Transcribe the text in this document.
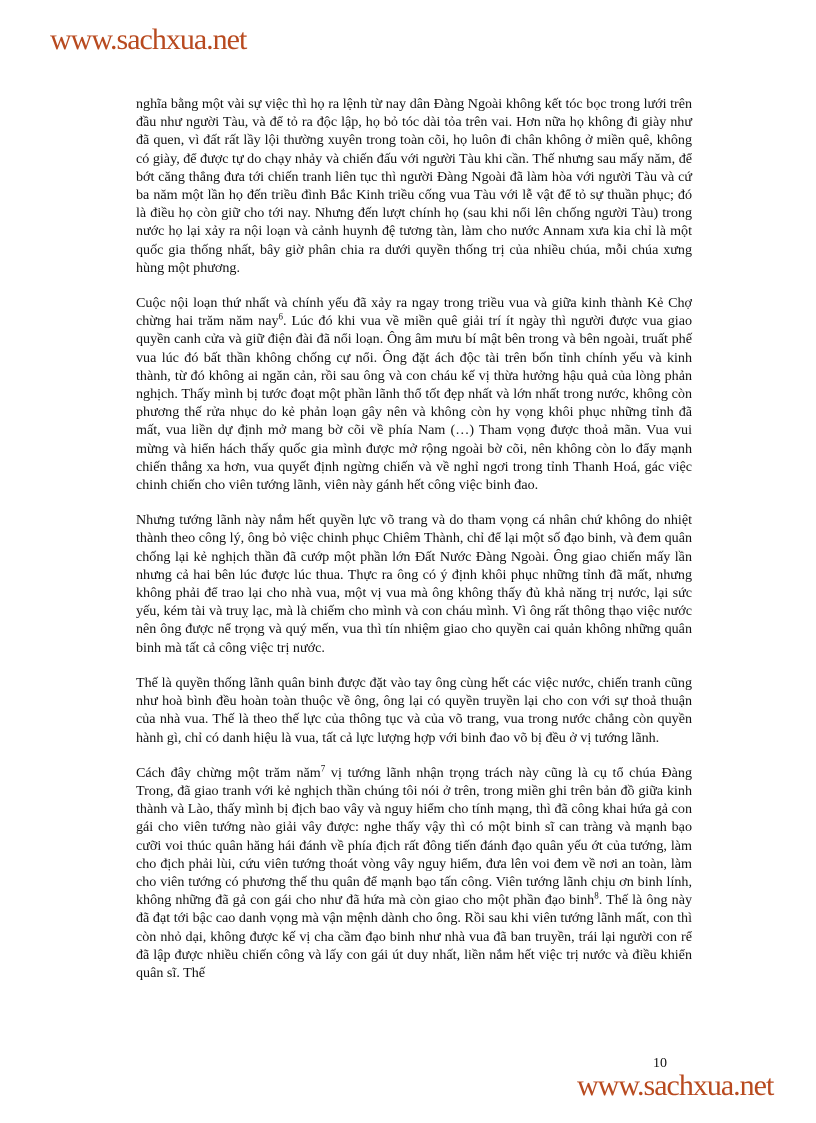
www.sachxua.net

nghĩa bằng một vài sự việc thì họ ra lệnh từ nay dân Đàng Ngoài không kết tóc bọc trong lưới trên đầu như người Tàu, và để tỏ ra độc lập, họ bỏ tóc dài tỏa trên vai. Hơn nữa họ không đi giày như đã quen, vì đất rất lầy lội thường xuyên trong toàn cõi, họ luôn đi chân không ở miền quê, không có giày, để được tự do chạy nhảy và chiến đấu với người Tàu khi cần. Thế nhưng sau mấy năm, để bớt căng thẳng đưa tới chiến tranh liên tục thì người Đàng Ngoài đã làm hòa với người Tàu và cứ ba năm một lần họ đến triều đình Bắc Kinh triều cống vua Tàu với lễ vật để tỏ sự thuần phục; đó là điều họ còn giữ cho tới nay. Nhưng đến lượt chính họ (sau khi nổi lên chống người Tàu) trong nước họ lại xảy ra nội loạn và cảnh huynh đệ tương tàn, làm cho nước Annam xưa kia chỉ là một quốc gia thống nhất, bây giờ phân chia ra dưới quyền thống trị của nhiều chúa, mỗi chúa xưng hùng một phương.

Cuộc nội loạn thứ nhất và chính yếu đã xảy ra ngay trong triều vua và giữa kinh thành Kẻ Chợ chừng hai trăm năm nay$^6$. Lúc đó khi vua về miền quê giải trí ít ngày thì người được vua giao quyền canh cửa và giữ điện đài đã nổi loạn. Ông âm mưu bí mật bên trong và bên ngoài, truất phế vua lúc đó bất thần không chống cự nổi. Ông đặt ách độc tài trên bốn tỉnh chính yếu và kinh thành, từ đó không ai ngăn cản, rồi sau ông và con cháu kế vị thừa hưởng hậu quả của lòng phản nghịch. Thấy mình bị tước đoạt một phần lãnh thổ tốt đẹp nhất và lớn nhất trong nước, không còn phương thế rửa nhục do kẻ phản loạn gây nên và không còn hy vọng khôi phục những tỉnh đã mất, vua liền dự định mở mang bờ cõi về phía Nam (…) Tham vọng được thoả mãn. Vua vui mừng và hiển hách thấy quốc gia mình được mở rộng ngoài bờ cõi, nên không còn lo đẩy mạnh chiến thắng xa hơn, vua quyết định ngừng chiến và về nghỉ ngơi trong tỉnh Thanh Hoá, gác việc chinh chiến cho viên tướng lãnh, viên này gánh hết công việc binh đao.

Nhưng tướng lãnh này nắm hết quyền lực võ trang và do tham vọng cá nhân chứ không do nhiệt thành theo công lý, ông bỏ việc chinh phục Chiêm Thành, chỉ để lại một số đạo binh, và đem quân chống lại kẻ nghịch thần đã cướp một phần lớn Đất Nước Đàng Ngoài. Ông giao chiến mấy lần nhưng cả hai bên lúc được lúc thua. Thực ra ông có ý định khôi phục những tỉnh đã mất, nhưng không phải để trao lại cho nhà vua, một vị vua mà ông không thấy đủ khả năng trị nước, lại sức yếu, kém tài và truỵ lạc, mà là chiếm cho mình và con cháu mình. Vì ông rất thông thạo việc nước nên ông được nể trọng và quý mến, vua thì tín nhiệm giao cho quyền cai quản không những quân binh mà tất cả công việc trị nước.

Thế là quyền thống lãnh quân binh được đặt vào tay ông cùng hết các việc nước, chiến tranh cũng như hoà bình đều hoàn toàn thuộc về ông, ông lại có quyền truyền lại cho con với sự thoả thuận của nhà vua. Thế là theo thế lực của thông tục và của võ trang, vua trong nước chẳng còn quyền hành gì, chỉ có danh hiệu là vua, tất cả lực lượng hợp với binh đao võ bị đều ở vị tướng lãnh.

Cách đây chừng một trăm năm$^7$ vị tướng lãnh nhận trọng trách này cũng là cụ tổ chúa Đàng Trong, đã giao tranh với kẻ nghịch thần chúng tôi nói ở trên, trong miền ghi trên bản đồ giữa kinh thành và Lào, thấy mình bị địch bao vây và nguy hiểm cho tính mạng, thì đã công khai hứa gả con gái cho viên tướng nào giải vây được: nghe thấy vậy thì có một binh sĩ can tràng và mạnh bạo cưỡi voi thúc quân hăng hái đánh về phía địch rất đông tiến đánh đạo quân yếu ớt của tướng, làm cho địch phải lùi, cứu viên tướng thoát vòng vây nguy hiểm, đưa lên voi đem về nơi an toàn, làm cho viên tướng có phương thế thu quân để mạnh bạo tấn công. Viên tướng lãnh chịu ơn binh lính, không những đã gả con gái cho như đã hứa mà còn giao cho một phần đạo binh$^8$. Thế là ông này đã đạt tới bậc cao danh vọng mà vận mệnh dành cho ông. Rồi sau khi viên tướng lãnh mất, con thì còn nhỏ dại, không được kế vị cha cầm đạo binh như nhà vua đã ban truyền, trái lại người con rể đã lập được nhiều chiến công và lấy con gái út duy nhất, liền nắm hết việc trị nước và điều khiển quân sĩ. Thế

10
www.sachxua.net
